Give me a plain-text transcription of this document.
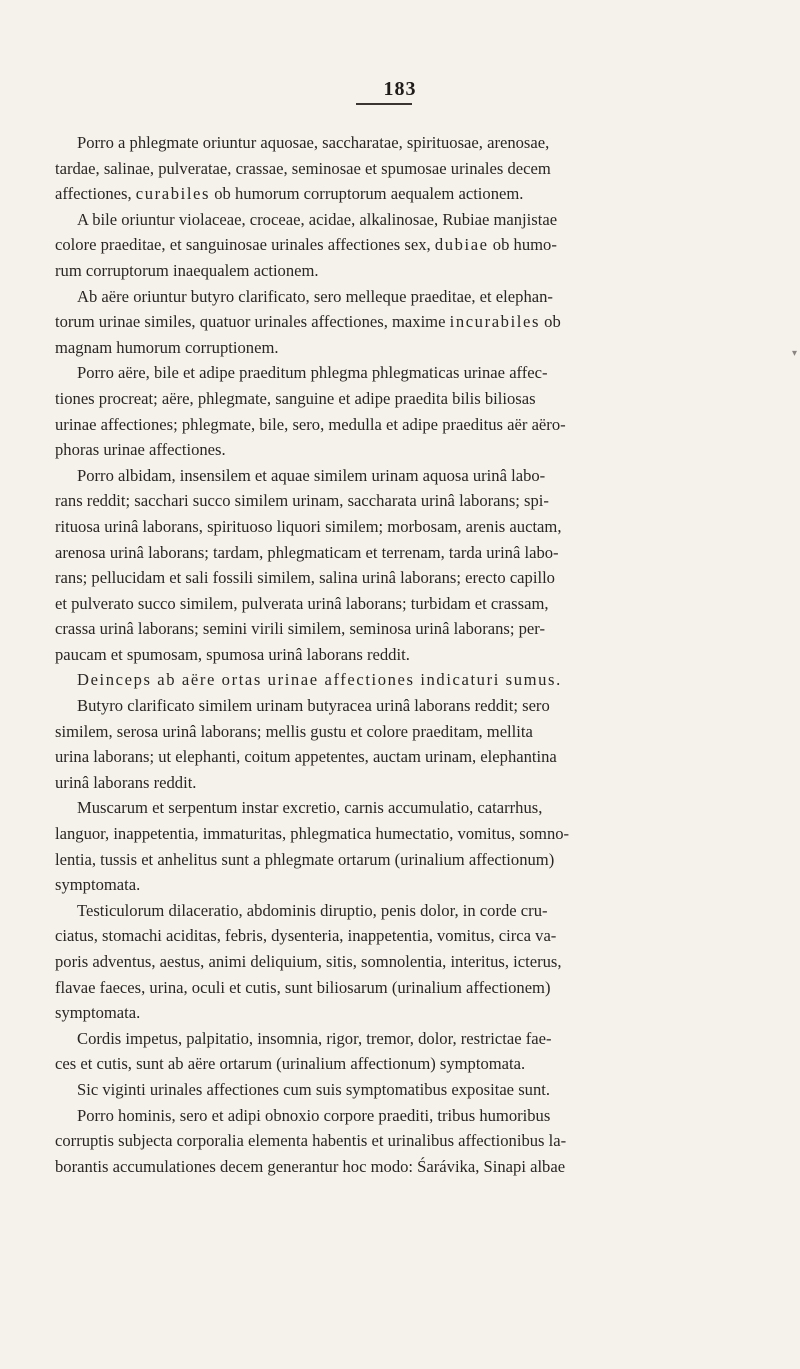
183
▾

Porro a phlegmate oriuntur aquosae, saccharatae, spirituosae, arenosae,
tardae, salinae, pulveratae, crassae, seminosae et spumosae urinales decem
affectiones, curabiles ob humorum corruptorum aequalem actionem.

A bile oriuntur violaceae, croceae, acidae, alkalinosae, Rubiae manjistae
colore praeditae, et sanguinosae urinales affectiones sex, dubiae ob humo-
rum corruptorum inaequalem actionem.

Ab aëre oriuntur butyro clarificato, sero melleque praeditae, et elephan-
torum urinae similes, quatuor urinales affectiones, maxime incurabiles ob
magnam humorum corruptionem.

Porro aëre, bile et adipe praeditum phlegma phlegmaticas urinae affec-
tiones procreat; aëre, phlegmate, sanguine et adipe praedita bilis biliosas
urinae affectiones; phlegmate, bile, sero, medulla et adipe praeditus aër aëro-
phoras urinae affectiones.

Porro albidam, insensilem et aquae similem urinam aquosa urinâ labo-
rans reddit; sacchari succo similem urinam, saccharata urinâ laborans; spi-
rituosa urinâ laborans, spirituoso liquori similem; morbosam, arenis auctam,
arenosa urinâ laborans; tardam, phlegmaticam et terrenam, tarda urinâ labo-
rans; pellucidam et sali fossili similem, salina urinâ laborans; erecto capillo
et pulverato succo similem, pulverata urinâ laborans; turbidam et crassam,
crassa urinâ laborans; semini virili similem, seminosa urinâ laborans; per-
paucam et spumosam, spumosa urinâ laborans reddit.

Deinceps ab aëre ortas urinae affectiones indicaturi sumus.

Butyro clarificato similem urinam butyracea urinâ laborans reddit; sero
similem, serosa urinâ laborans; mellis gustu et colore praeditam, mellita
urina laborans; ut elephanti, coitum appetentes, auctam urinam, elephantina
urinâ laborans reddit.

Muscarum et serpentum instar excretio, carnis accumulatio, catarrhus,
languor, inappetentia, immaturitas, phlegmatica humectatio, vomitus, somno-
lentia, tussis et anhelitus sunt a phlegmate ortarum (urinalium affectionum)
symptomata.

Testiculorum dilaceratio, abdominis diruptio, penis dolor, in corde cru-
ciatus, stomachi aciditas, febris, dysenteria, inappetentia, vomitus, circa va-
poris adventus, aestus, animi deliquium, sitis, somnolentia, interitus, icterus,
flavae faeces, urina, oculi et cutis, sunt biliosarum (urinalium affectionem)
symptomata.

Cordis impetus, palpitatio, insomnia, rigor, tremor, dolor, restrictae fae-
ces et cutis, sunt ab aëre ortarum (urinalium affectionum) symptomata.

Sic viginti urinales affectiones cum suis symptomatibus expositae sunt.

Porro hominis, sero et adipi obnoxio corpore praediti, tribus humoribus
corruptis subjecta corporalia elementa habentis et urinalibus affectionibus la-
borantis accumulationes decem generantur hoc modo: Śarávika, Sinapi albae
